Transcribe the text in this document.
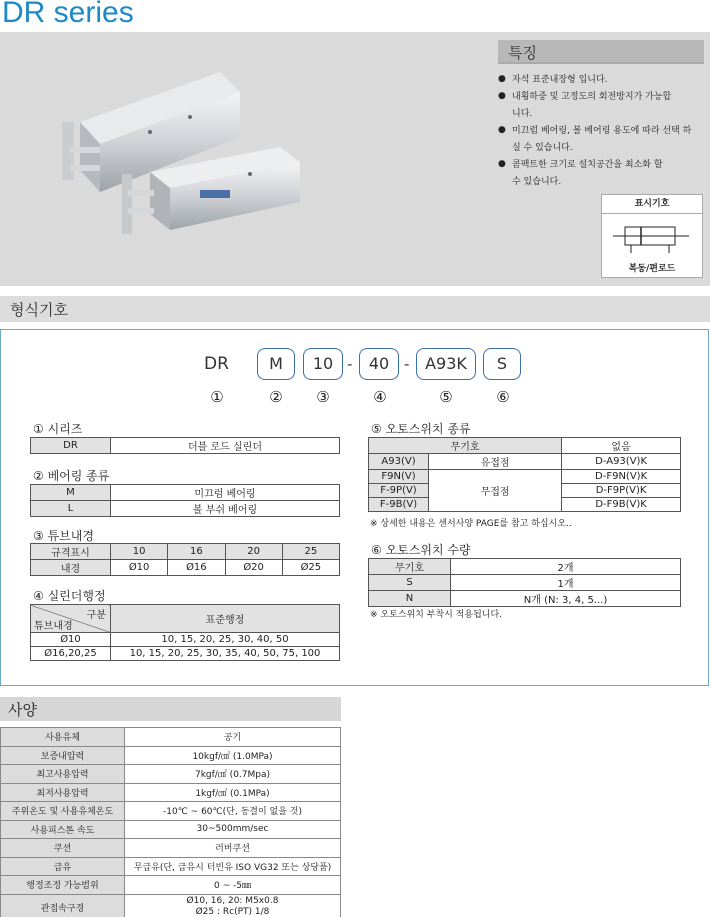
DR series
특징
● 자석 표준내장형 입니다.
● 내횡하중 및 고정도의 회전방지가 가능합니다.
● 미끄럼 베어링, 볼 베어링 용도에 따라 선택 하실 수 있습니다.
● 콤팩트한 크기로 설치공간을 최소화 할 수 있습니다.
표시기호
복동/편로드
형식기호
DR	M	10 -	40 - A93K	S
①	② ③	④	⑤	⑥
① 시리즈
DR	더블 로드 실린더
② 베어링 종류
M	미끄럼 베어링
L	볼 부쉬 베어링
③ 튜브내경
규격표시	10	16	20	25
내경	Ø10	Ø16	Ø20	Ø25
④ 실린더행정
구분
튜브내경	표준행정
Ø10	10, 15, 20, 25, 30, 40, 50
Ø16,20,25	10, 15, 20, 25, 30, 35, 40, 50, 75, 100
⑤ 오토스위치 종류
무기호		없음
A93(V)	유접점	D-A93(V)K
F9N(V)	무접점	D-F9N(V)K
F-9P(V)		D-F9P(V)K
F-9B(V)		D-F9B(V)K
※ 상세한 내용은 센서사양 PAGE를 참고 하십시오..
⑥ 오토스위치 수량
무기호	2개
S	1개
N	N개 (N: 3, 4, 5...)
※ 오토스위치 부착시 적용됩니다.
사양
사용유체	공기
보증내압력	10kgf/㎠ (1.0MPa)
최고사용압력	7kgf/㎠ (0.7Mpa)
최저사용압력	1kgf/㎠ (0.1MPa)
주위온도 및 사용유체온도	-10℃ ~ 60℃(단, 동결이 없을 것)
사용피스톤 속도	30~500mm/sec
쿠션	러버쿠션
급유	무급유(단, 급유시 터빈유 ISO VG32 또는 상당품)
행정조정 가능범위	0 ~ -5㎜
관접속구경	Ø10, 16, 20: M5x0.8
Ø25 : Rc(PT) 1/8
